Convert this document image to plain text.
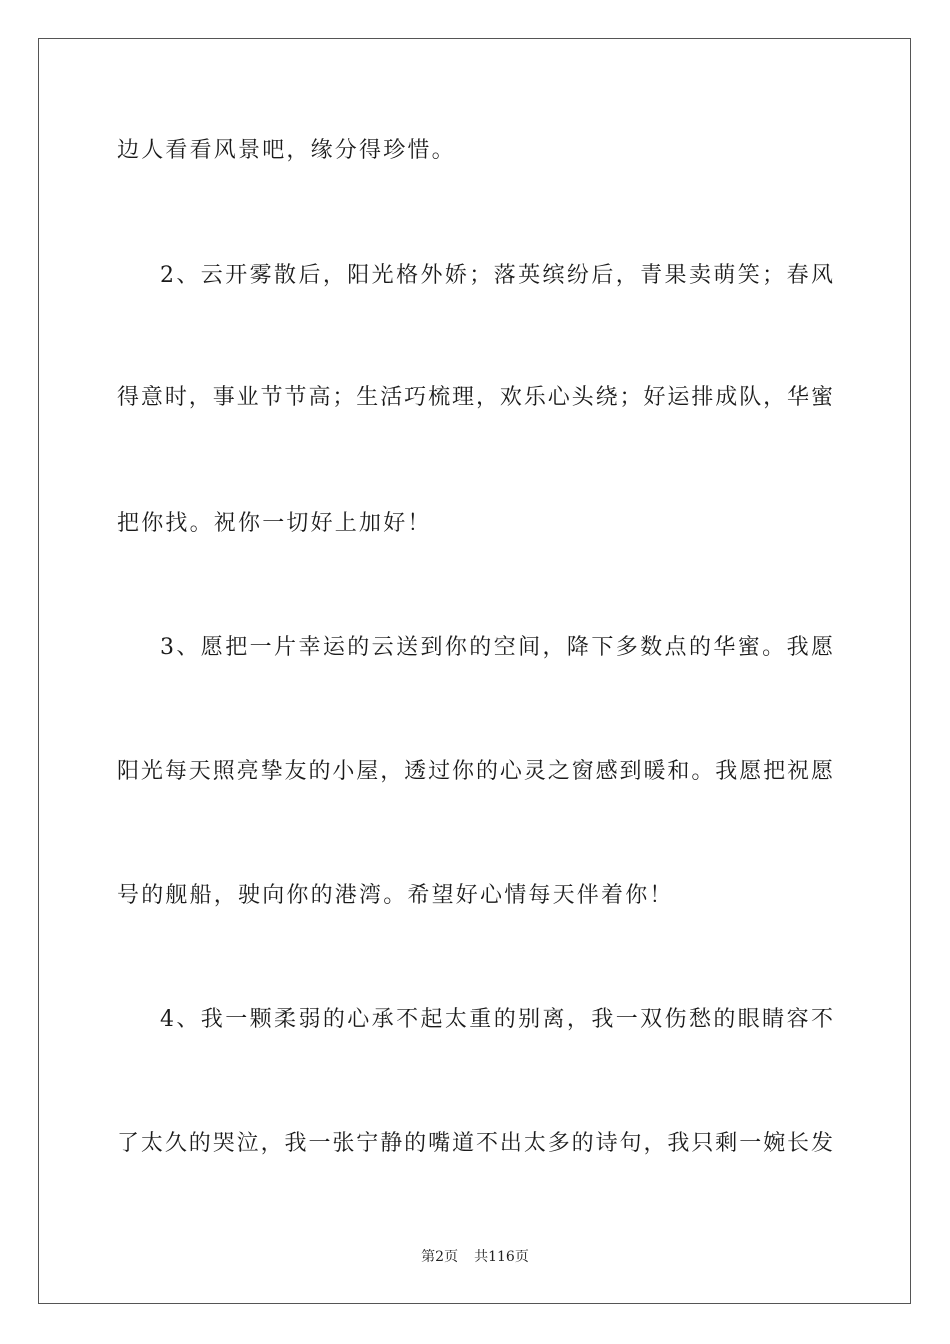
边人看看风景吧，缘分得珍惜。
2、云开雾散后，阳光格外娇；落英缤纷后，青果卖萌笑；春风
得意时，事业节节高；生活巧梳理，欢乐心头绕；好运排成队，华蜜
把你找。祝你一切好上加好！
3、愿把一片幸运的云送到你的空间，降下多数点的华蜜。我愿
阳光每天照亮挚友的小屋，透过你的心灵之窗感到暖和。我愿把祝愿
号的舰船，驶向你的港湾。希望好心情每天伴着你！
4、我一颗柔弱的心承不起太重的别离，我一双伤愁的眼睛容不
了太久的哭泣，我一张宁静的嘴道不出太多的诗句，我只剩一婉长发
第2页 共116页
